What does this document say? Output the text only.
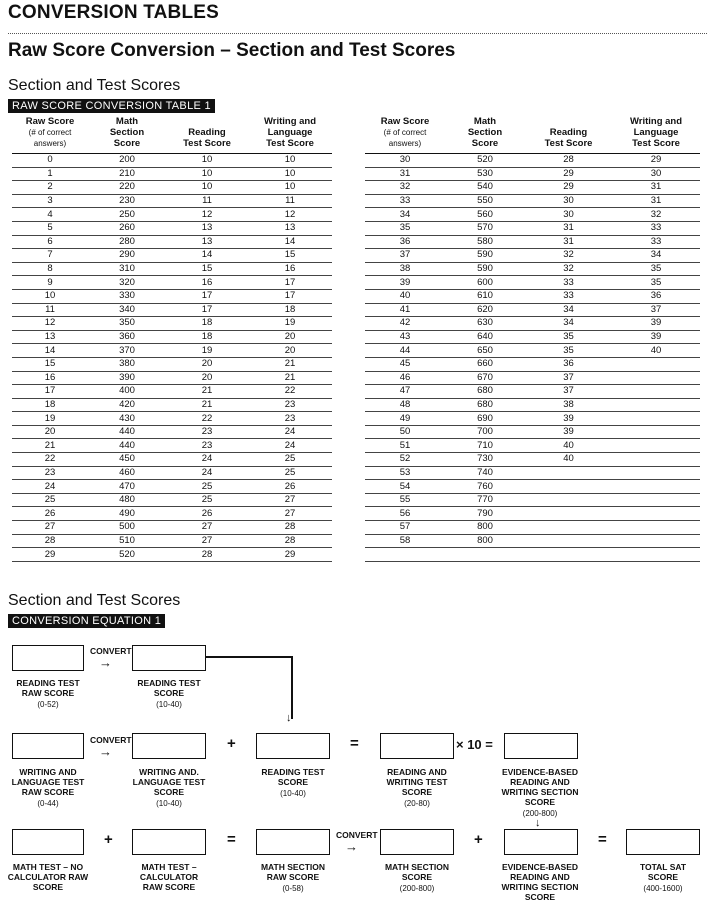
CONVERSION TABLES
Raw Score Conversion – Section and Test Scores
Section and Test Scores
RAW SCORE CONVERSION TABLE 1
Raw Score
(# of correct
answers)	Math
Section
Score	Reading
Test Score	Writing and
Language
Test Score
0	200	10	10
1	210	10	10
2	220	10	10
3	230	11	11
4	250	12	12
5	260	13	13
6	280	13	14
7	290	14	15
8	310	15	16
9	320	16	17
10	330	17	17
11	340	17	18
12	350	18	19
13	360	18	20
14	370	19	20
15	380	20	21
16	390	20	21
17	400	21	22
18	420	21	23
19	430	22	23
20	440	23	24
21	440	23	24
22	450	24	25
23	460	24	25
24	470	25	26
25	480	25	27
26	490	26	27
27	500	27	28
28	510	27	28
29	520	28	29
Raw Score
(# of correct
answers)	Math
Section
Score	Reading
Test Score	Writing and
Language
Test Score
30	520	28	29
31	530	29	30
32	540	29	31
33	550	30	31
34	560	30	32
35	570	31	33
36	580	31	33
37	590	32	34
38	590	32	35
39	600	33	35
40	610	33	36
41	620	34	37
42	630	34	39
43	640	35	39
44	650	35	40
45	660	36	
46	670	37	
47	680	37	
48	680	38	
49	690	39	
50	700	39	
51	710	40	
52	730	40	
53	740		
54	760		
55	770		
56	790		
57	800		
58	800		

Section and Test Scores
CONVERSION EQUATION 1
CONVERT
→
↓
READING TEST RAW SCORE
(0-52)
READING TEST SCORE
(10-40)
CONVERT
→	+	=	× 10 =
WRITING AND LANGUAGE TEST RAW SCORE
(0-44)
WRITING AND. LANGUAGE TEST SCORE
(10-40)
READING TEST SCORE
(10-40)
READING AND WRITING TEST SCORE
(20-80)
EVIDENCE-BASED READING AND WRITING SECTION SCORE
(200-800)
+	=	CONVERT
→	+
↓
=
MATH TEST – NO CALCULATOR RAW SCORE
MATH TEST – CALCULATOR RAW SCORE
MATH SECTION RAW SCORE
(0-58)
MATH SECTION SCORE
(200-800)
EVIDENCE-BASED READING AND WRITING SECTION SCORE
TOTAL SAT SCORE
(400-1600)
